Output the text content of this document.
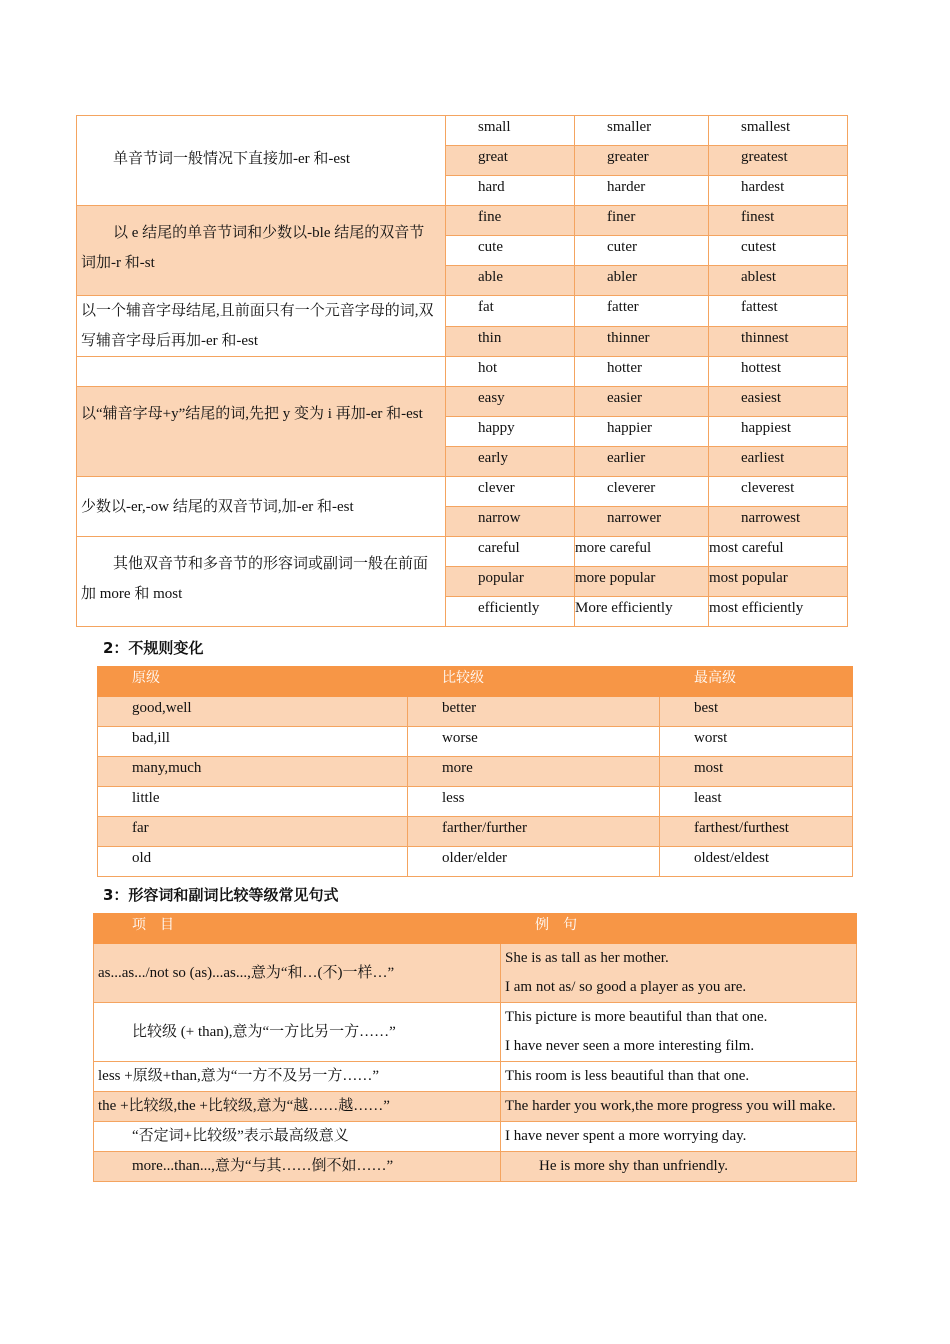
单音节词一般情况下直接加-er 和-est	small	smaller	smallest
	great	greater	greatest
	hard	harder	hardest
以 e 结尾的单音节词和少数以-ble 结尾的双音节词加-r 和-st	fine	finer	finest
	cute	cuter	cutest
	able	abler	ablest
以一个辅音字母结尾,且前面只有一个元音字母的词,双写辅音字母后再加-er 和-est	fat	fatter	fattest
	thin	thinner	thinnest
	hot	hotter	hottest
以“辅音字母+y”结尾的词,先把 y 变为 i 再加-er 和-est	easy	easier	easiest
	happy	happier	happiest
	early	earlier	earliest
少数以-er,-ow 结尾的双音节词,加-er 和-est	clever	cleverer	cleverest
	narrow	narrower	narrowest
其他双音节和多音节的形容词或副词一般在前面加 more 和 most	careful	more careful	most careful
	popular	more popular	most popular
	efficiently	More efficiently	most efficiently
2：不规则变化
原级	比较级	最高级
good,well	better	best
bad,ill	worse	worst
many,much	more	most
little	less	least
far	farther/further	farthest/furthest
old	older/elder	oldest/eldest
3：形容词和副词比较等级常见句式
项　目	例　句
as...as.../not so (as)...as...,意为“和…(不)一样…”	She is as tall as her mother.
I am not as/ so good a player as you are.

比较级 (+ than),意为“一方比另一方……”	This picture is more beautiful than that one.
I have never seen a more interesting film.

less +原级+than,意为“一方不及另一方……”	This room is less beautiful than that one.

the +比较级,the +比较级,意为“越……越……”	The harder you work,the more progress you will make.

“否定词+比较级”表示最高级意义	I have never spent a more worrying day.

more...than...,意为“与其……倒不如……”	He is more shy than unfriendly.
